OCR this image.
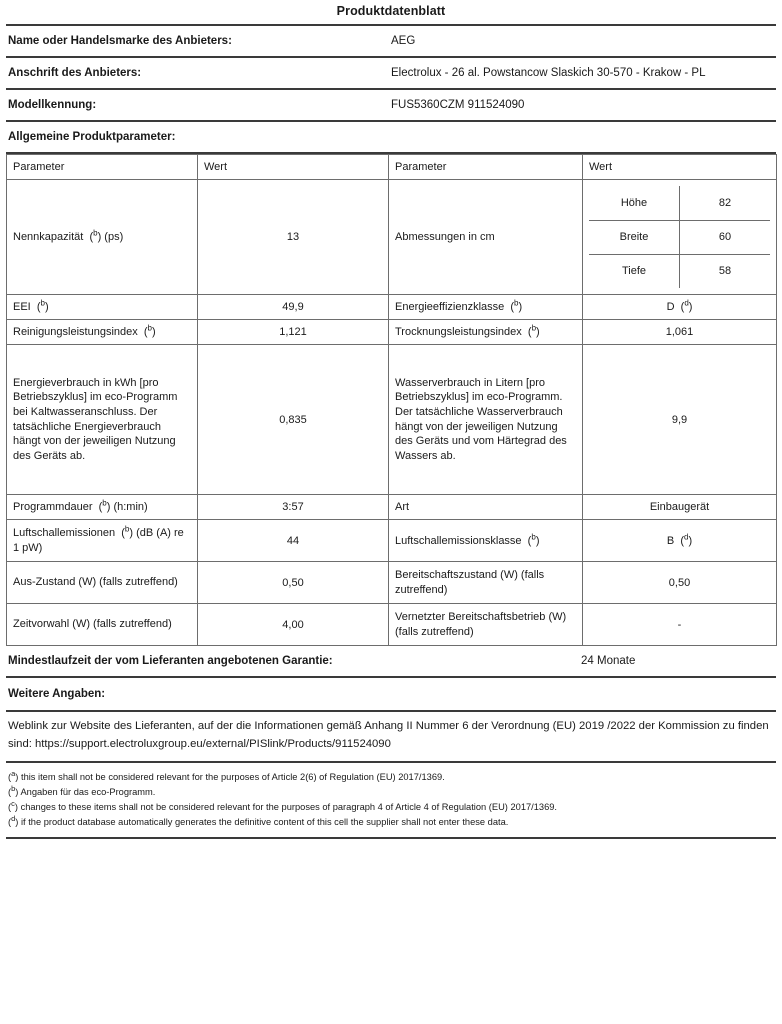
Produktdatenblatt
Name oder Handelsmarke des Anbieters:	AEG
Anschrift des Anbieters:	Electrolux - 26 al. Powstancow Slaskich 30-570 - Krakow - PL
Modellkennung:	FUS5360CZM 911524090
Allgemeine Produktparameter:
Parameter	Wert	Parameter	Wert
Nennkapazität  ($^b$) (ps)	13	Abmessungen in cm	
Höhe	82
Breite	60
Tiefe	58

EEI  ($^b$)	49,9	Energieeffizienzklasse  ($^b$)	D  ($^d$)
Reinigungsleistungsindex  ($^b$)	1,121	Trocknungsleistungsindex  ($^b$)	1,061
Energieverbrauch in kWh [pro Betriebszyklus] im eco-Programm bei Kaltwasseranschluss. Der tatsächliche Energieverbrauch hängt von der jeweiligen Nutzung des Geräts ab.	0,835	Wasserverbrauch in Litern [pro Betriebszyklus] im eco-Programm. Der tatsächliche Wasserverbrauch hängt von der jeweiligen Nutzung des Geräts und vom Härtegrad des Wassers ab.	9,9
Programmdauer  ($^b$) (h:min)	3:57	Art	Einbaugerät
Luftschallemissionen  ($^b$) (dB (A) re 1 pW)	44	Luftschallemissionsklasse  ($^b$)	B  ($^d$)
Aus-Zustand (W) (falls zutreffend)	0,50	Bereitschaftszustand (W) (falls zutreffend)	0,50
Zeitvorwahl (W) (falls zutreffend)	4,00	Vernetzter Bereitschaftsbetrieb (W) (falls zutreffend)	-
Mindestlaufzeit der vom Lieferanten angebotenen Garantie:	24 Monate
Weitere Angaben:
Weblink zur Website des Lieferanten, auf der die Informationen gemäß Anhang II Nummer 6 der Verordnung (EU) 2019 /2022 der Kommission zu finden sind: https://support.electroluxgroup.eu/external/PISlink/Products/911524090
($^a$) this item shall not be considered relevant for the purposes of Article 2(6) of Regulation (EU) 2017/1369.
($^b$) Angaben für das eco-Programm.
($^c$) changes to these items shall not be considered relevant for the purposes of paragraph 4 of Article 4 of Regulation (EU) 2017/1369.
($^d$) if the product database automatically generates the definitive content of this cell the supplier shall not enter these data.
